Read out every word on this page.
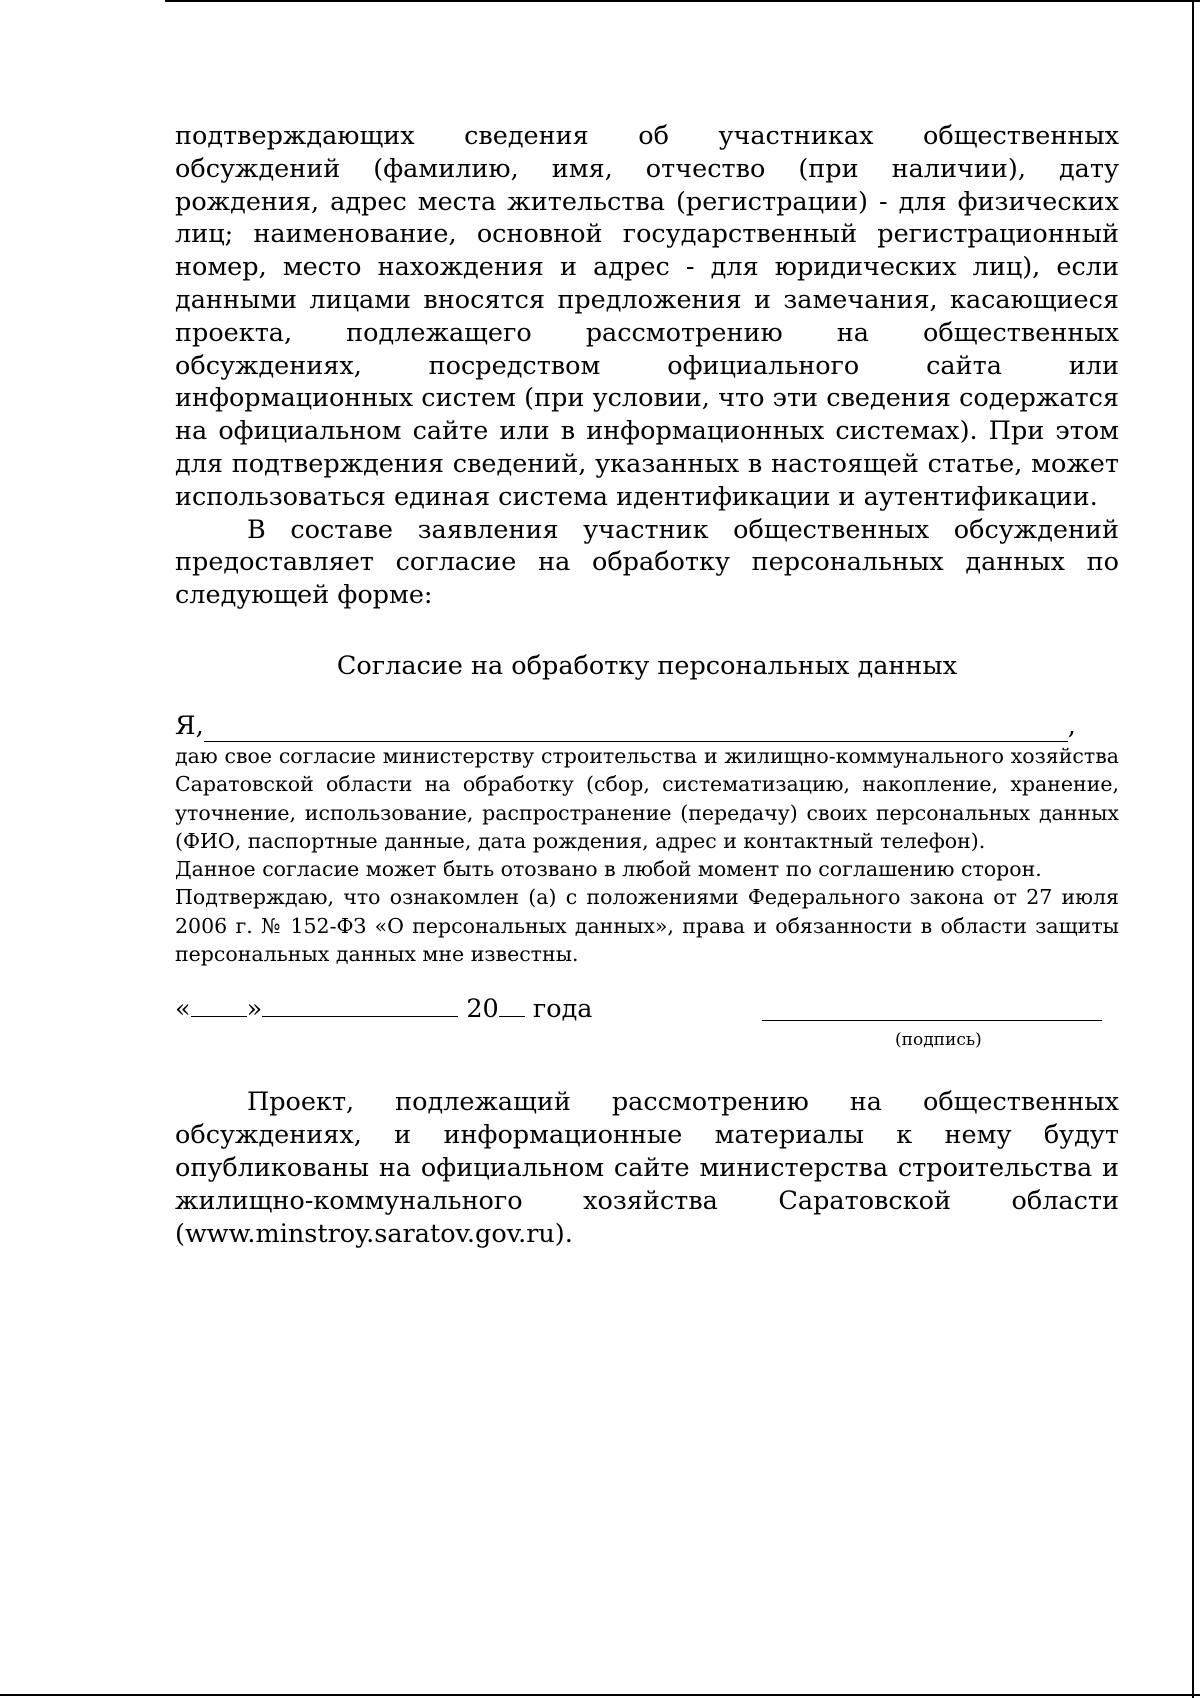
подтверждающих сведения об участниках общественных обсуждений (фамилию, имя, отчество (при наличии), дату рождения, адрес места жительства (регистрации) - для физических лиц; наименование, основной государственный регистрационный номер, место нахождения и адрес - для юридических лиц), если данными лицами вносятся предложения и замечания, касающиеся проекта, подлежащего рассмотрению на общественных обсуждениях, посредством официального сайта или информационных систем (при условии, что эти сведения содержатся на официальном сайте или в информационных системах). При этом для подтверждения сведений, указанных в настоящей статье, может использоваться единая система идентификации и аутентификации.

В составе заявления участник общественных обсуждений предоставляет согласие на обработку персональных данных по следующей форме:

Согласие на обработку персональных данных
Я,	,

даю свое согласие министерству строительства и жилищно-коммунального хозяйства Саратовской области на обработку (сбор, систематизацию, накопление, хранение, уточнение, использование, распространение (передачу) своих персональных данных (ФИО, паспортные данные, дата рождения, адрес и контактный телефон).

Данное согласие может быть отозвано в любой момент по соглашению сторон.

Подтверждаю, что ознакомлен (а) с положениями Федерального закона от 27 июля 2006 г. № 152-ФЗ «О персональных данных», права и обязанности в области защиты персональных данных мне известны.

« »	20 года
(подпись)

Проект, подлежащий рассмотрению на общественных обсуждениях, и информационные материалы к нему будут опубликованы на официальном сайте министерства строительства и жилищно-коммунального хозяйства Саратовской области (www.minstroy.saratov.gov.ru).
